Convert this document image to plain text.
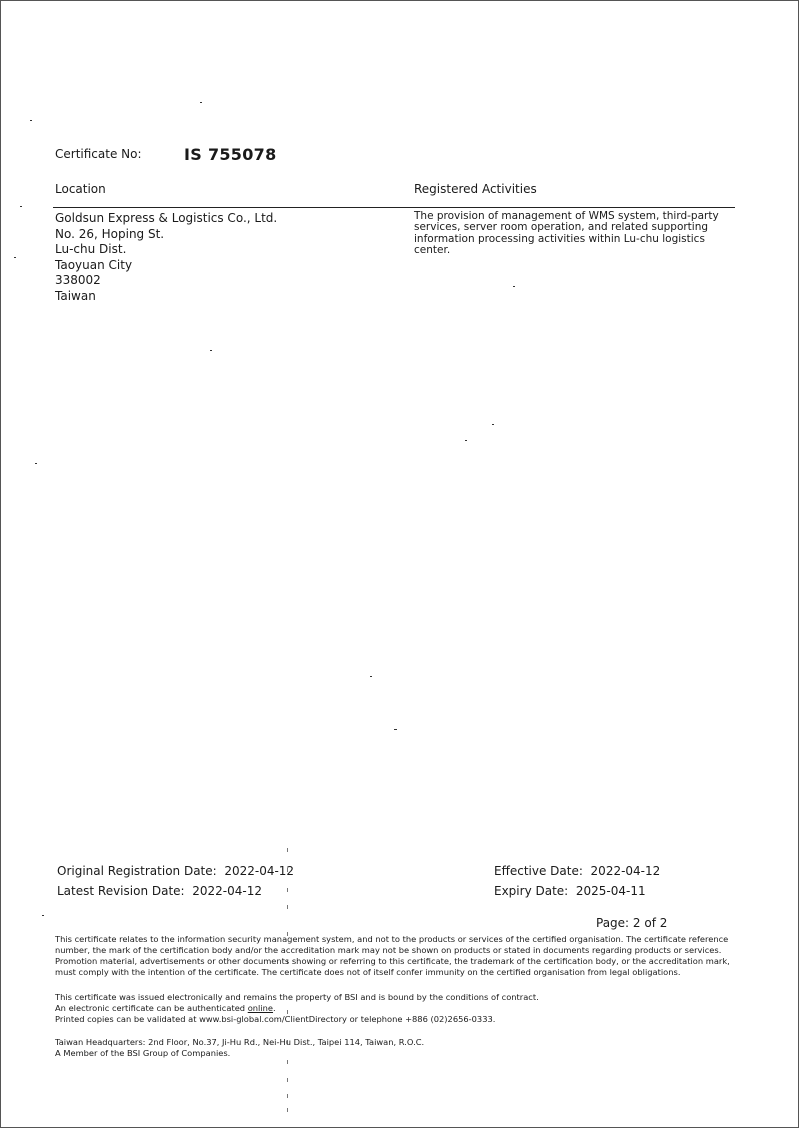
Certificate No:	IS 755078
Location	Registered Activities
Goldsun Express & Logistics Co., Ltd.
No. 26, Hoping St.
Lu-chu Dist.
Taoyuan City
338002
Taiwan
The provision of management of WMS system, third-party services, server room operation, and related supporting information processing activities within Lu-chu logistics center.
Original Registration Date: 2022-04-12
Latest Revision Date: 2022-04-12
Effective Date: 2022-04-12
Expiry Date: 2025-04-11
Page: 2 of 2
This certificate relates to the information security management system, and not to the products or services of the certified organisation. The certificate reference
number, the mark of the certification body and/or the accreditation mark may not be shown on products or stated in documents regarding products or services.
Promotion material, advertisements or other documents showing or referring to this certificate, the trademark of the certification body, or the accreditation mark,
must comply with the intention of the certificate. The certificate does not of itself confer immunity on the certified organisation from legal obligations.
This certificate was issued electronically and remains the property of BSI and is bound by the conditions of contract.
An electronic certificate can be authenticated online.
Printed copies can be validated at www.bsi-global.com/ClientDirectory or telephone +886 (02)2656-0333.
Taiwan Headquarters: 2nd Floor, No.37, Ji-Hu Rd., Nei-Hu Dist., Taipei 114, Taiwan, R.O.C.
A Member of the BSI Group of Companies.
